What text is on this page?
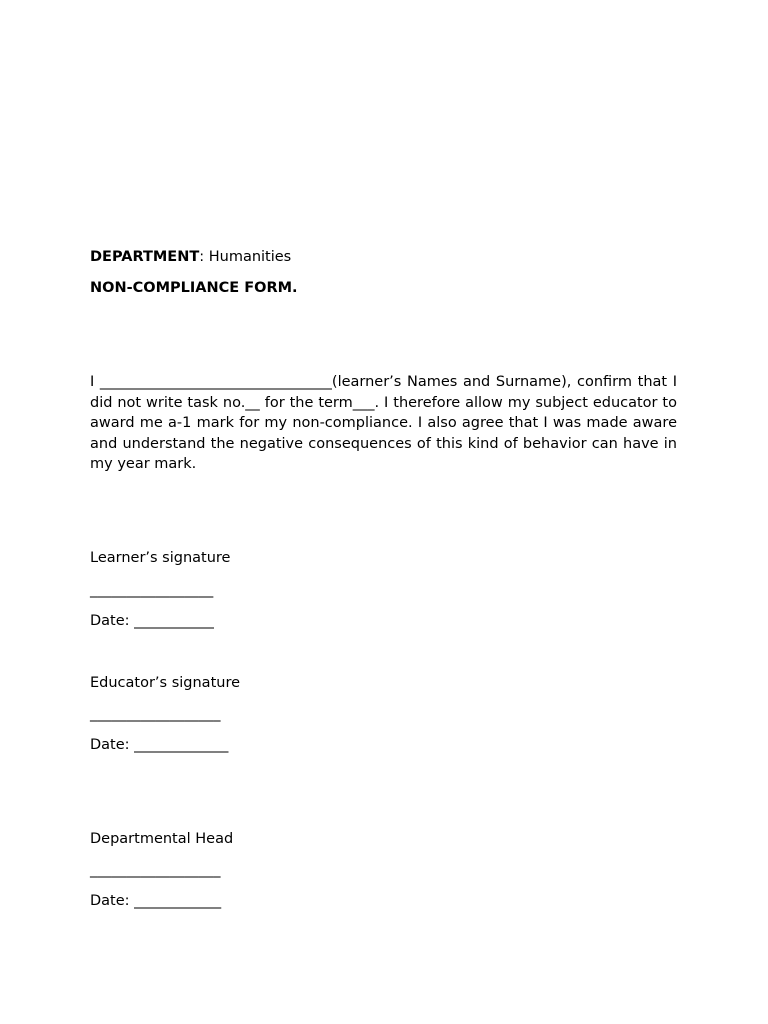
DEPARTMENT: Humanities

NON-COMPLIANCE FORM.

I ________________________________(learner’s Names and Surname), confirm that I did not write task no.__ for the term___. I therefore allow my subject educator to award me a-1 mark for my non-compliance. I also agree that I was made aware and understand the negative consequences of this kind of behavior can have in my year mark.

Learner’s signature

_________________

Date: ___________

Educator’s signature

__________________

Date: _____________

Departmental Head

__________________

Date: ____________
